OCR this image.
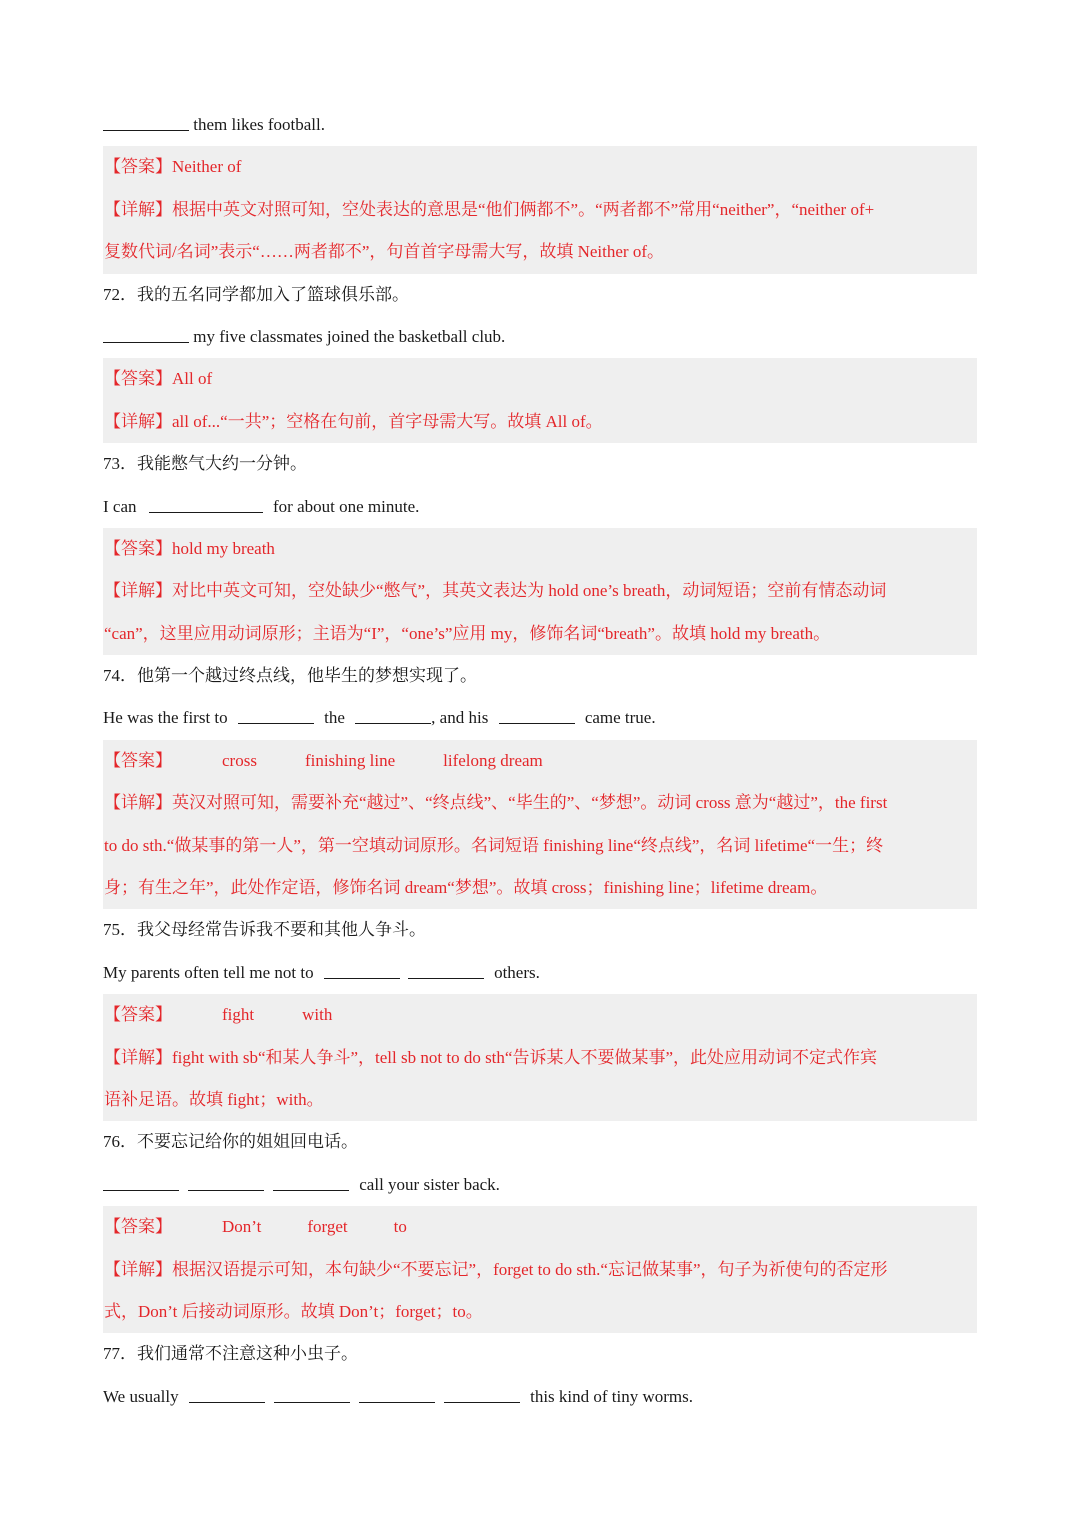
them likes football.
【答案】Neither of
【详解】根据中英文对照可知，空处表达的意思是“他们俩都不”。“两者都不”常用“neither”，“neither of+
复数代词/名词”表示“……两者都不”，句首首字母需大写，故填 Neither of。
72．我的五名同学都加入了篮球俱乐部。
my five classmates joined the basketball club.
【答案】All of
【详解】all of...“一共”；空格在句前，首字母需大写。故填 All of。
73．我能憋气大约一分钟。
I can	for about one minute.
【答案】hold my breath
【详解】对比中英文可知，空处缺少“憋气”，其英文表达为 hold one’s breath，动词短语；空前有情态动词
“can”，这里应用动词原形；主语为“I”，“one’s”应用 my，修饰名词“breath”。故填 hold my breath。
74．他第一个越过终点线，他毕生的梦想实现了。
He was the first to	the	, and his	came true.
【答案】	cross	finishing line	lifelong dream
【详解】英汉对照可知，需要补充“越过”、“终点线”、“毕生的”、“梦想”。动词 cross 意为“越过”，the first
to do sth.“做某事的第一人”，第一空填动词原形。名词短语 finishing line“终点线”，名词 lifetime“一生；终
身；有生之年”，此处作定语，修饰名词 dream“梦想”。故填 cross；finishing line；lifetime dream。
75．我父母经常告诉我不要和其他人争斗。
My parents often tell me not to	others.
【答案】	fight	with
【详解】fight with sb“和某人争斗”，tell sb not to do sth“告诉某人不要做某事”，此处应用动词不定式作宾
语补足语。故填 fight；with。
76．不要忘记给你的姐姐回电话。
call your sister back.
【答案】	Don’t	forget	to
【详解】根据汉语提示可知，本句缺少“不要忘记”，forget to do sth.“忘记做某事”，句子为祈使句的否定形
式，Don’t 后接动词原形。故填 Don’t；forget；to。
77．我们通常不注意这种小虫子。
We usually	this kind of tiny worms.
